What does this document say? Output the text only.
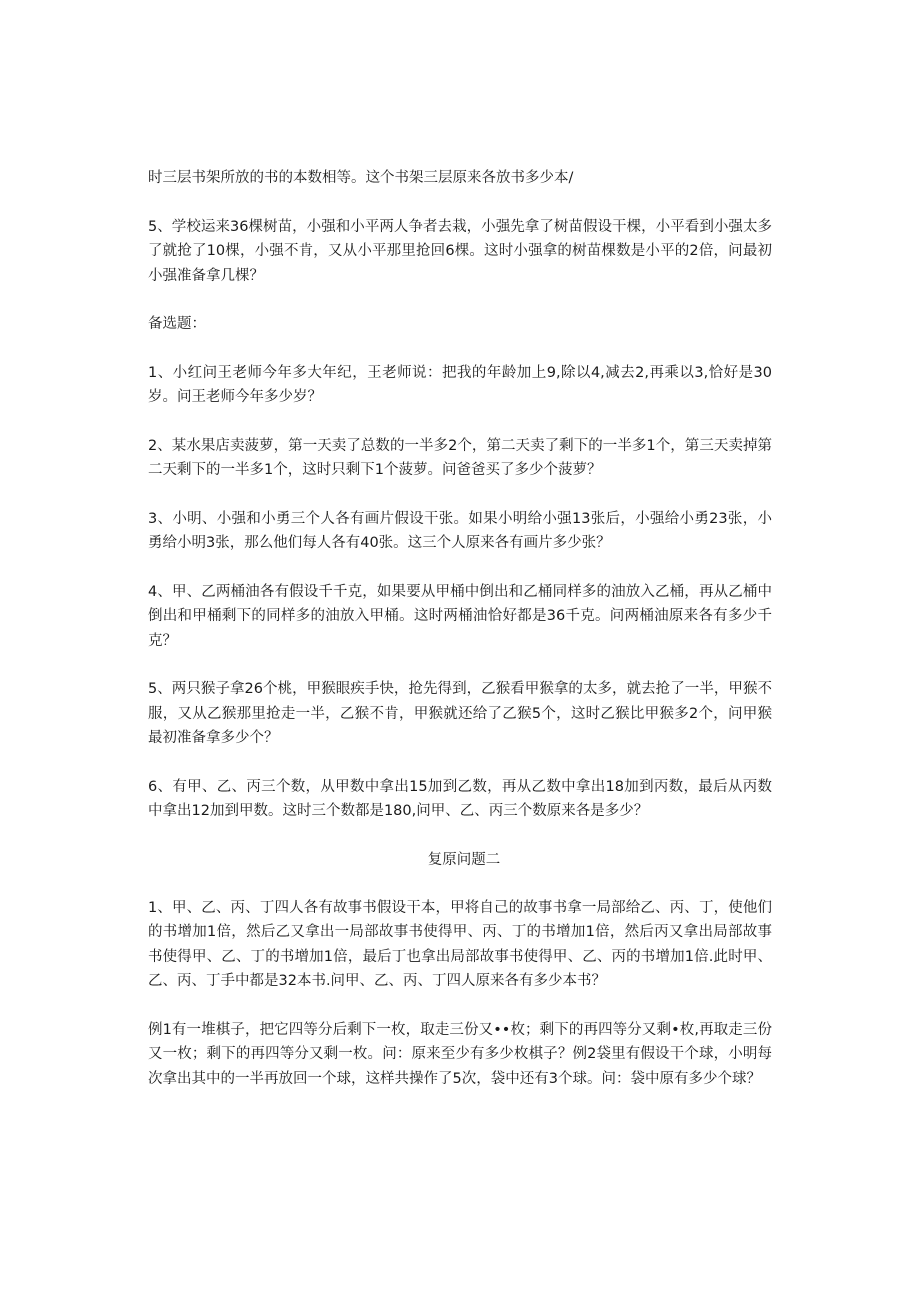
时三层书架所放的书的本数相等。这个书架三层原来各放书多少本/

5、学校运来36棵树苗，小强和小平两人争者去栽，小强先拿了树苗假设干棵，小平看到小强太多了就抢了10棵，小强不肯，又从小平那里抢回6棵。这时小强拿的树苗棵数是小平的2倍，问最初小强准备拿几棵？

备选题：

1、小红问王老师今年多大年纪，王老师说：把我的年龄加上9,除以4,减去2,再乘以3,恰好是30岁。问王老师今年多少岁？

2、某水果店卖菠萝，第一天卖了总数的一半多2个，第二天卖了剩下的一半多1个，第三天卖掉第二天剩下的一半多1个，这时只剩下1个菠萝。问爸爸买了多少个菠萝？

3、小明、小强和小勇三个人各有画片假设干张。如果小明给小强13张后，小强给小勇23张，小勇给小明3张，那么他们每人各有40张。这三个人原来各有画片多少张？

4、甲、乙两桶油各有假设千千克，如果要从甲桶中倒出和乙桶同样多的油放入乙桶，再从乙桶中倒出和甲桶剩下的同样多的油放入甲桶。这时两桶油恰好都是36千克。问两桶油原来各有多少千克？

5、两只猴子拿26个桃，甲猴眼疾手快，抢先得到，乙猴看甲猴拿的太多，就去抢了一半，甲猴不服，又从乙猴那里抢走一半，乙猴不肯，甲猴就还给了乙猴5个，这时乙猴比甲猴多2个，问甲猴最初准备拿多少个？

6、有甲、乙、丙三个数，从甲数中拿出15加到乙数，再从乙数中拿出18加到丙数，最后从丙数中拿出12加到甲数。这时三个数都是180,问甲、乙、丙三个数原来各是多少？

复原问题二

1、甲、乙、丙、丁四人各有故事书假设干本，甲将自己的故事书拿一局部给乙、丙、丁，使他们的书增加1倍，然后乙又拿出一局部故事书使得甲、丙、丁的书增加1倍，然后丙又拿出局部故事书使得甲、乙、丁的书增加1倍，最后丁也拿出局部故事书使得甲、乙、丙的书增加1倍.此时甲、乙、丙、丁手中都是32本书.问甲、乙、丙、丁四人原来各有多少本书？

例1有一堆棋子，把它四等分后剩下一枚，取走三份又••枚；剩下的再四等分又剩•枚,再取走三份又一枚；剩下的再四等分又剩一枚。问：原来至少有多少枚棋子？例2袋里有假设干个球，小明每次拿出其中的一半再放回一个球，这样共操作了5次，袋中还有3个球。问：袋中原有多少个球？
